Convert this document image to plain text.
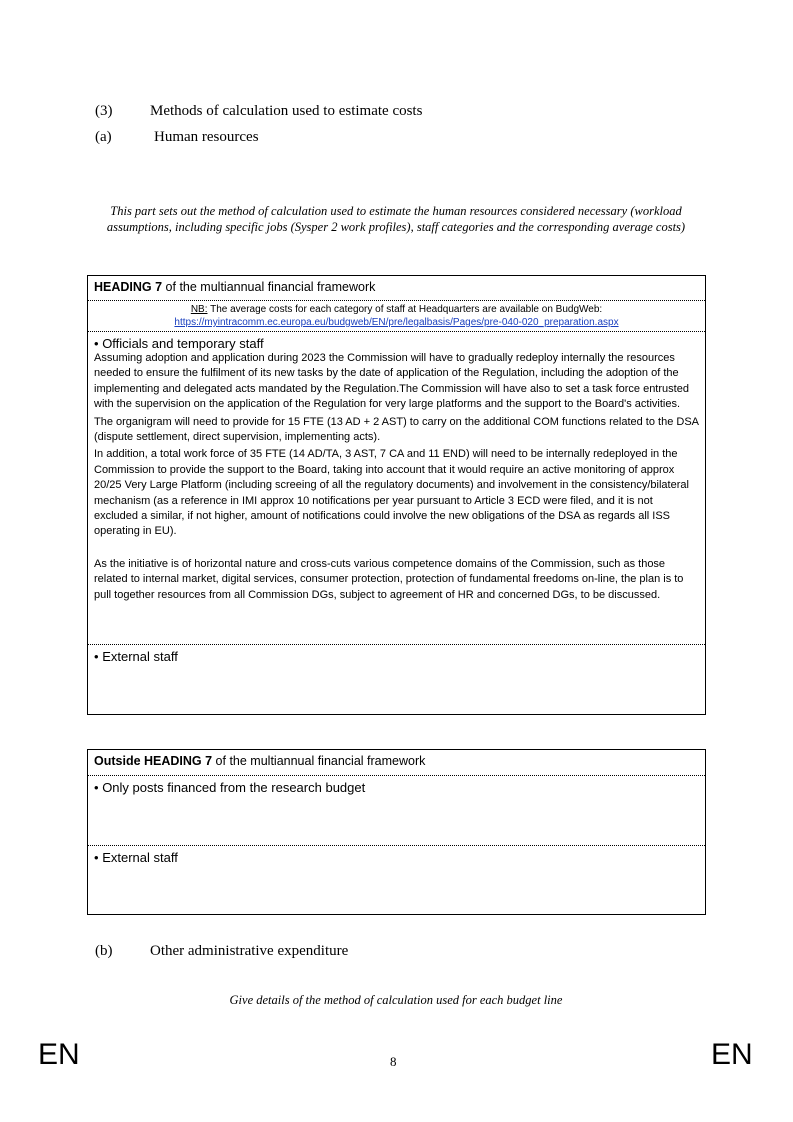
(3)	Methods of calculation used to estimate costs
(a)	Human resources
This part sets out the method of calculation used to estimate the human resources considered necessary (workload assumptions, including specific jobs (Sysper 2 work profiles), staff categories and the corresponding average costs)
HEADING 7 of the multiannual financial framework
NB: The average costs for each category of staff at Headquarters are available on BudgWeb:
https://myintracomm.ec.europa.eu/budgweb/EN/pre/legalbasis/Pages/pre-040-020_preparation.aspx
• Officials and temporary staff

Assuming adoption and application during 2023 the Commission will have to gradually redeploy internally the resources needed to ensure the fulfilment of its new tasks by the date of application of the Regulation, including the adoption of the implementing and delegated acts mandated by the Regulation.The Commission will have also to set a task force entrusted with the supervision on the application of the Regulation for very large platforms and the support to the Board's activities.

The organigram will need to provide for 15 FTE (13 AD + 2 AST) to carry on the additional COM functions related to the DSA (dispute settlement, direct supervision, implementing acts).

In addition, a total work force of 35 FTE (14 AD/TA, 3 AST, 7 CA and 11 END) will need to be internally redeployed in the Commission to provide the support to the Board, taking into account that it would require an active monitoring of approx 20/25 Very Large Platform (including screeing of all the regulatory documents) and involvement in the consistency/bilateral mechanism (as a reference in IMI approx 10 notifications per year pursuant to Article 3 ECD were filed, and it is not excluded a similar, if not higher, amount of notifications could involve the new obligations of the DSA as regards all ISS operating in EU).

As the initiative is of horizontal nature and cross-cuts various competence domains of the Commission, such as those related to internal market, digital services, consumer protection, protection of fundamental freedoms on-line, the plan is to pull together resources from all Commission DGs, subject to agreement of HR and concerned DGs, to be discussed.

• External staff
Outside HEADING 7 of the multiannual financial framework
• Only posts financed from the research budget
• External staff
(b)	Other administrative expenditure
Give details of the method of calculation used for each budget line
EN	8	EN
